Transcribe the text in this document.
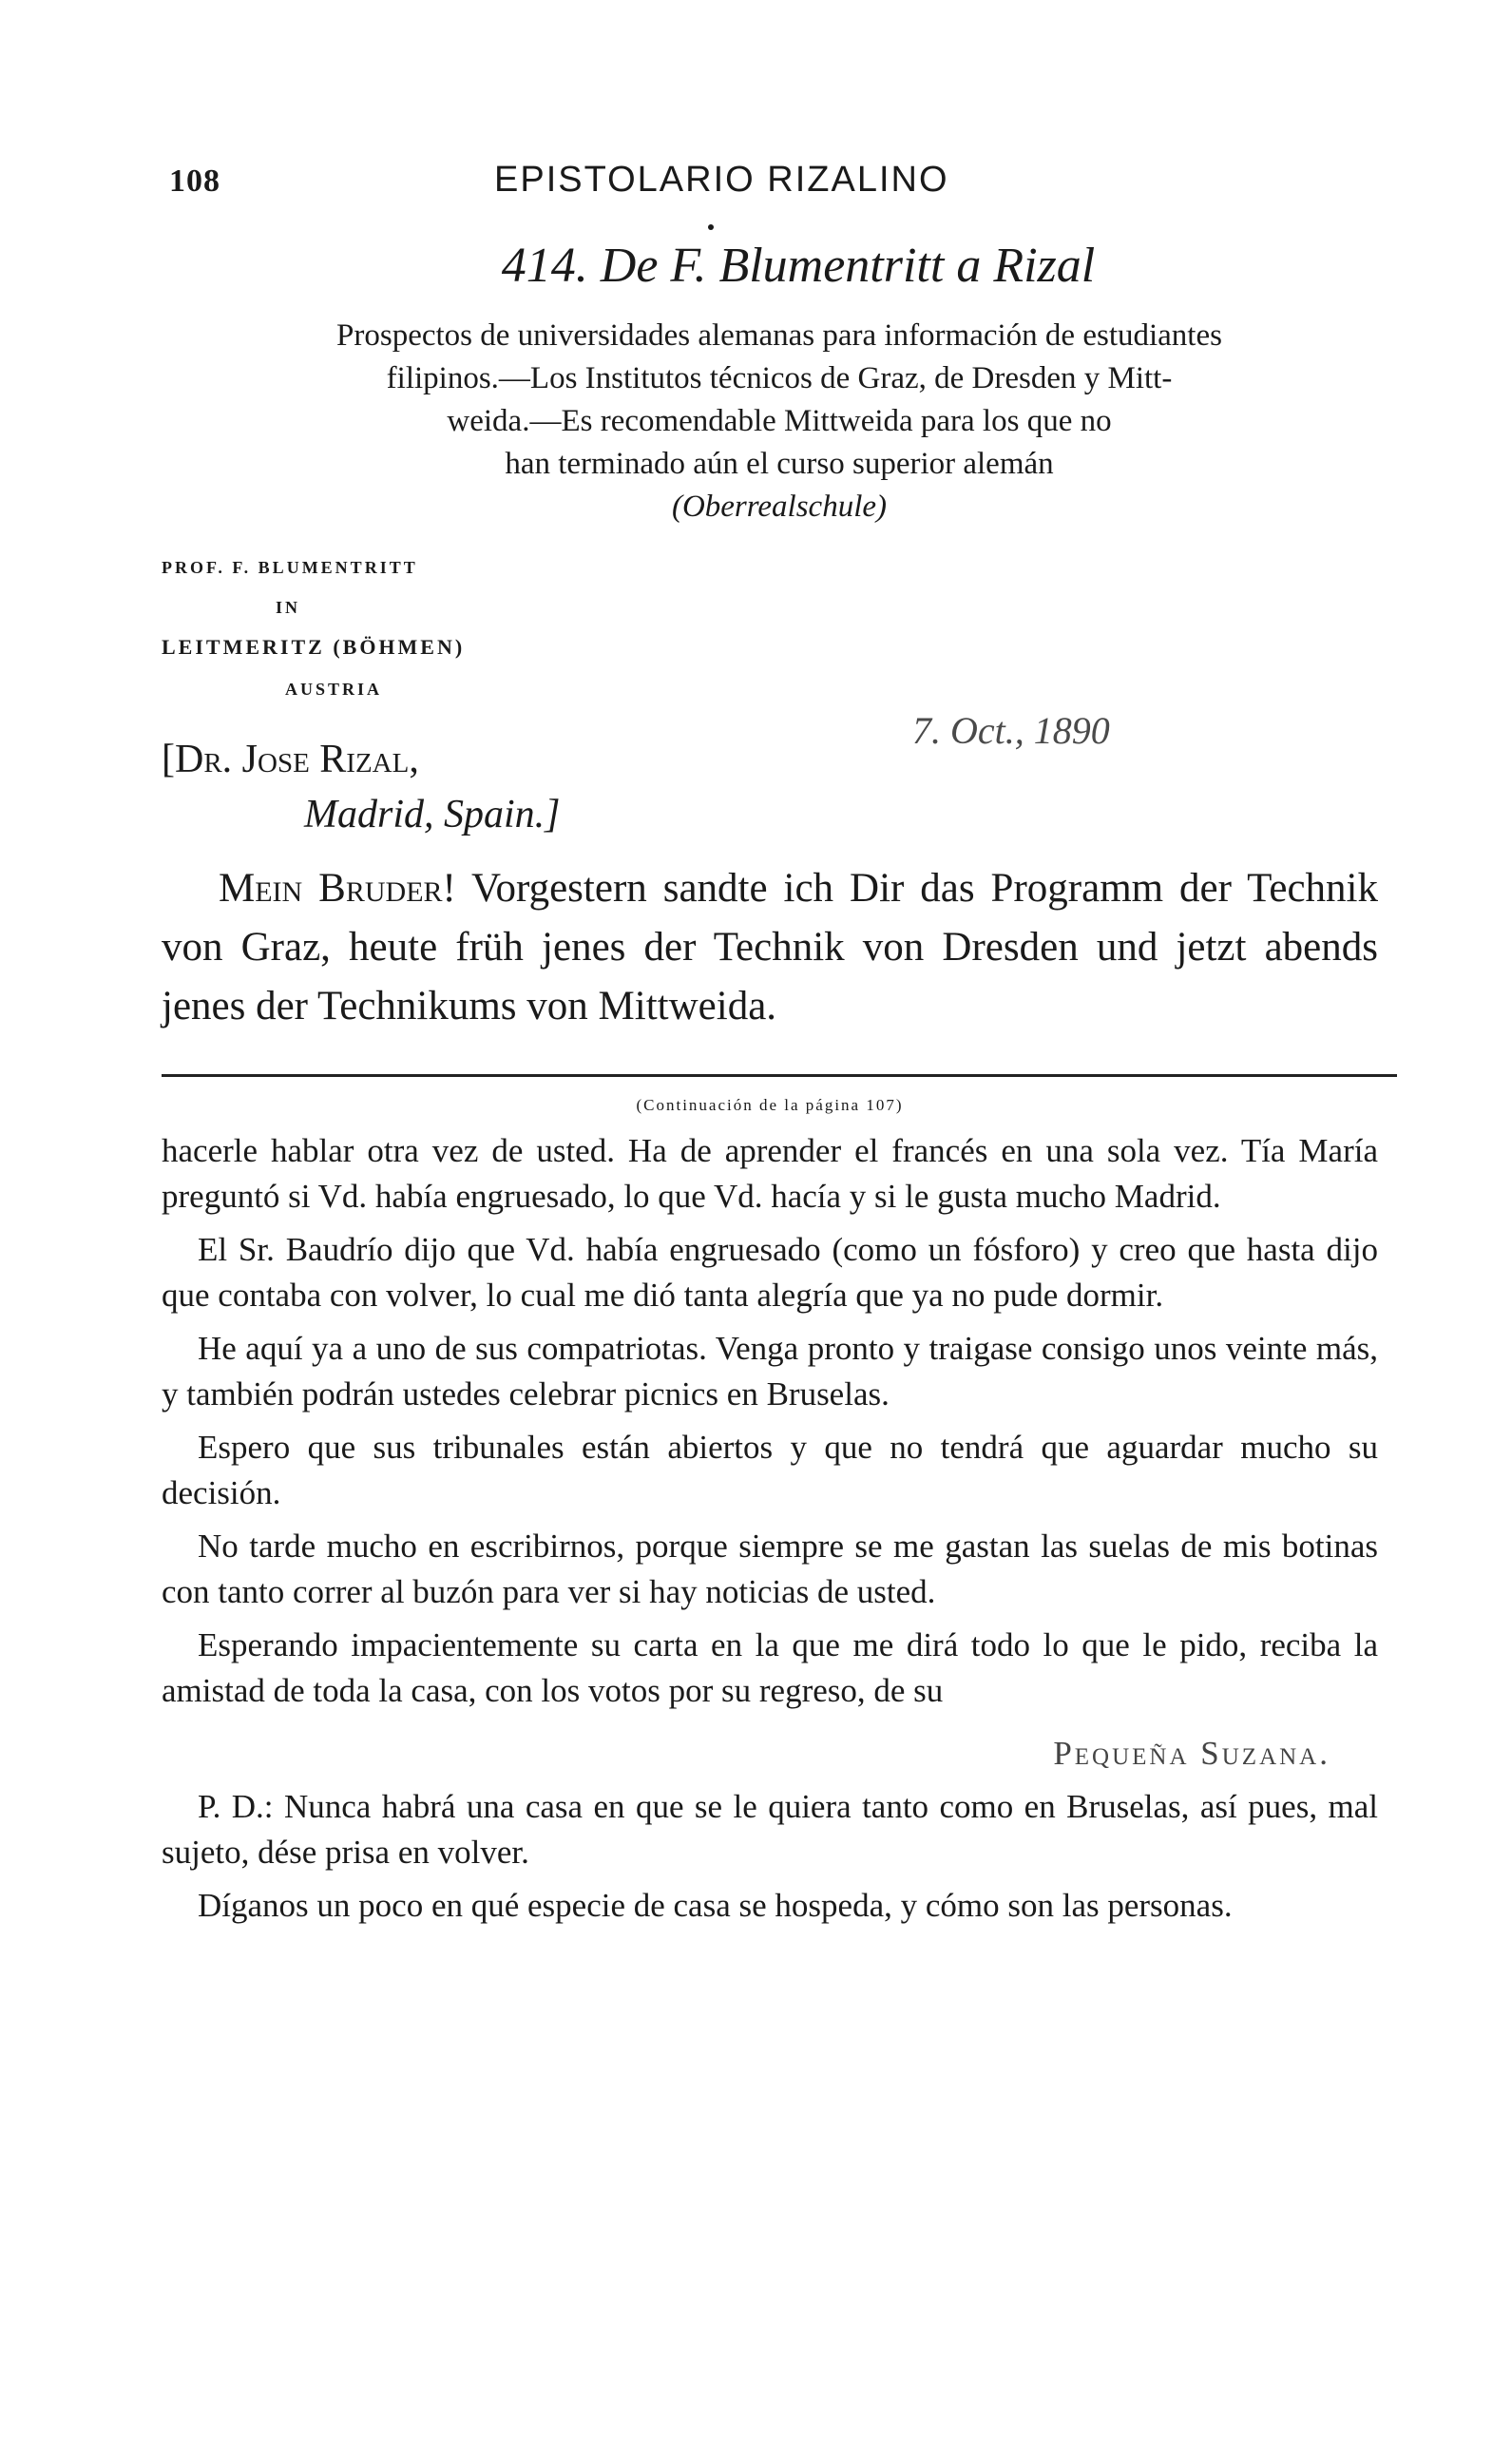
108	EPISTOLARIO RIZALINO
414. De F. Blumentritt a Rizal
Prospectos de universidades alemanas para información de estudiantes
filipinos.—Los Institutos técnicos de Graz, de Dresden y Mitt-
weida.—Es recomendable Mittweida para los que no
han terminado aún el curso superior alemán
(Oberrealschule)
PROF. F. BLUMENTRITT
IN
LEITMERITZ (BÖHMEN)
AUSTRIA
[Dr. Jose Rizal,
Madrid, Spain.]
Mein Bruder! Vorgestern sandte ich Dir das Programm der Technik von Graz, heute früh jenes der Technik von Dresden und jetzt abends jenes der Technikums von Mittweida.
(Continuación de la página 107)

hacerle hablar otra vez de usted. Ha de aprender el francés en una sola vez. Tía María preguntó si Vd. había engruesado, lo que Vd. hacía y si le gusta mucho Madrid.

El Sr. Baudrío dijo que Vd. había engruesado (como un fósforo) y creo que hasta dijo que contaba con volver, lo cual me dió tanta alegría que ya no pude dormir.

He aquí ya a uno de sus compatriotas. Venga pronto y traigase consigo unos veinte más, y también podrán ustedes celebrar picnics en Bruselas.

Espero que sus tribunales están abiertos y que no tendrá que aguardar mucho su decisión.

No tarde mucho en escribirnos, porque siempre se me gastan las suelas de mis botinas con tanto correr al buzón para ver si hay noticias de usted.

Esperando impacientemente su carta en la que me dirá todo lo que le pido, reciba la amistad de toda la casa, con los votos por su regreso, de su

Pequeña Suzana.

P. D.: Nunca habrá una casa en que se le quiera tanto como en Bruselas, así pues, mal sujeto, dése prisa en volver.

Díganos un poco en qué especie de casa se hospeda, y cómo son las personas.

7. Oct., 1890
